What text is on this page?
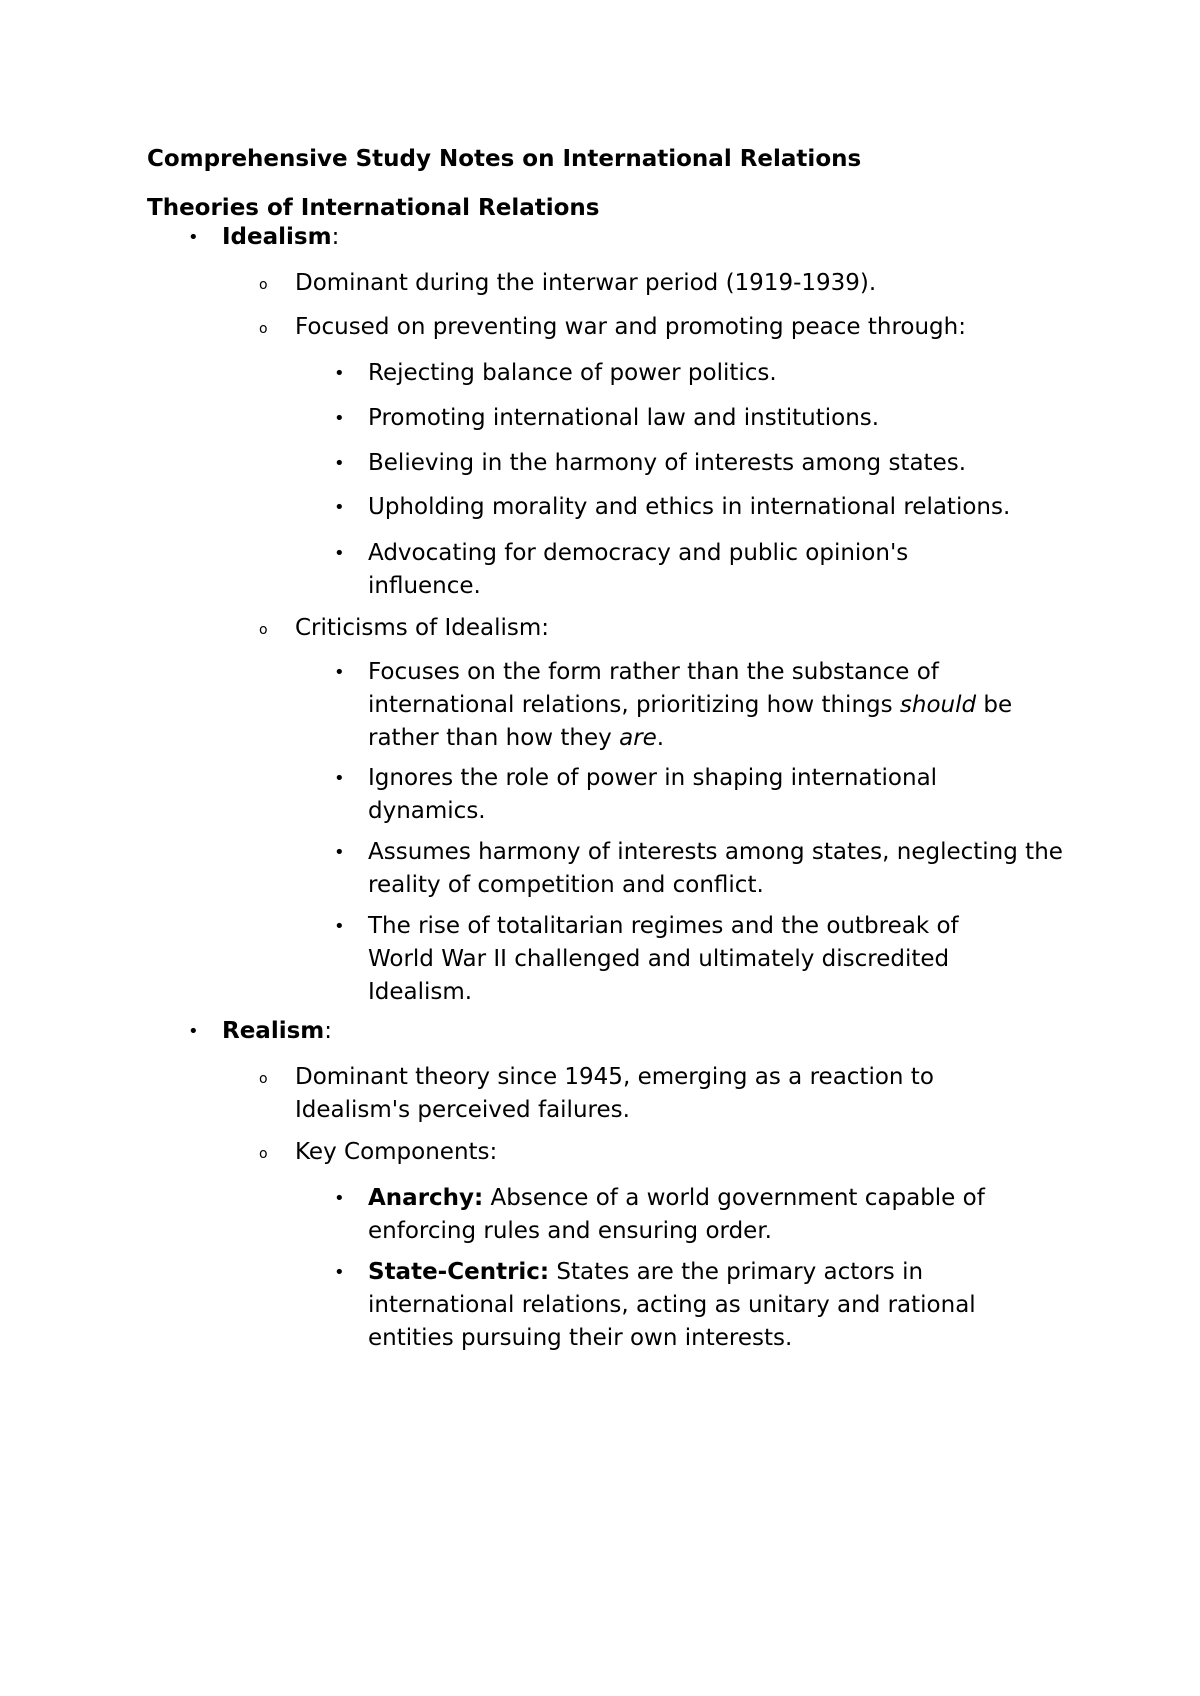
Comprehensive Study Notes on International Relations
Theories of International Relations
• Idealism:
o Dominant during the interwar period (1919-1939).
o Focused on preventing war and promoting peace through:
• Rejecting balance of power politics.
• Promoting international law and institutions.
• Believing in the harmony of interests among states.
• Upholding morality and ethics in international relations.
• Advocating for democracy and public opinion's influence.
o Criticisms of Idealism:
• Focuses on the form rather than the substance of international relations, prioritizing how things should be rather than how they are.
• Ignores the role of power in shaping international dynamics.
• Assumes harmony of interests among states, neglecting the reality of competition and conflict.
• The rise of totalitarian regimes and the outbreak of World War II challenged and ultimately discredited Idealism.
• Realism:
o Dominant theory since 1945, emerging as a reaction to Idealism's perceived failures.
o Key Components:
• Anarchy: Absence of a world government capable of enforcing rules and ensuring order.
• State-Centric: States are the primary actors in international relations, acting as unitary and rational entities pursuing their own interests.
